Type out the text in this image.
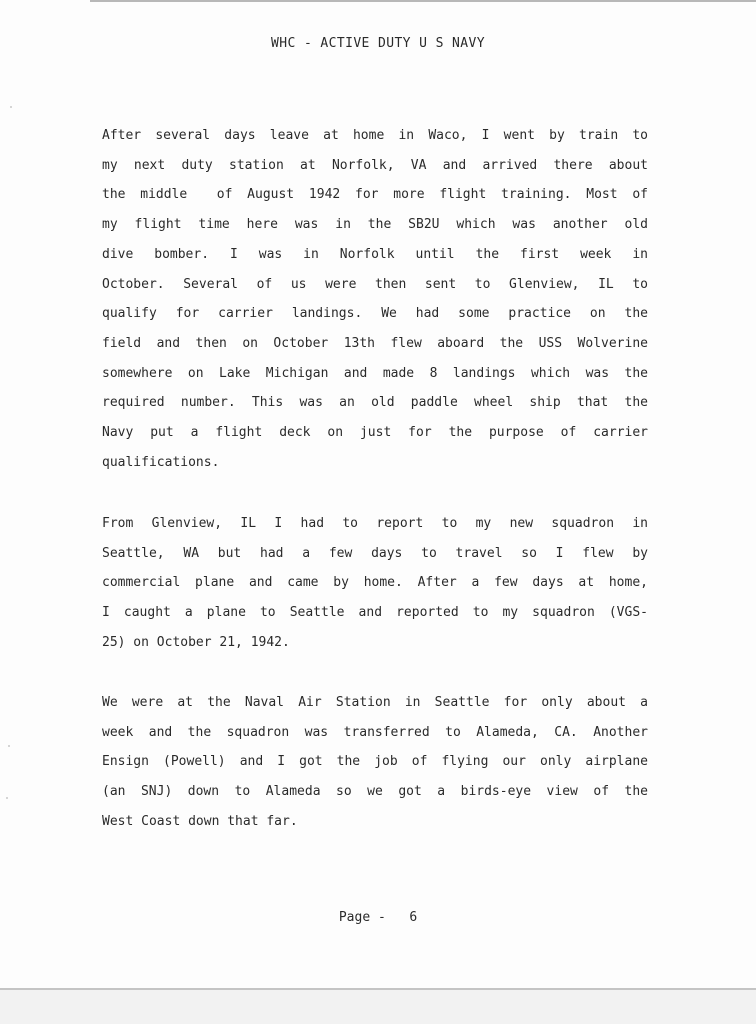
WHC - ACTIVE DUTY U S NAVY

After several days leave at home in Waco, I went by train to
my next duty station at Norfolk, VA and arrived there about
the middle  of August 1942 for more flight training. Most of
my flight time here was in the SB2U which was another old
dive bomber. I was in Norfolk until the first week in
October. Several of us were then sent to Glenview, IL to
qualify for carrier landings. We had some practice on the
field and then on October 13th flew aboard the USS Wolverine
somewhere on Lake Michigan and made 8 landings which was the
required number. This was an old paddle wheel ship that the
Navy put a flight deck on just for the purpose of carrier
qualifications.

From Glenview, IL I had to report to my new squadron in
Seattle, WA but had a few days to travel so I flew by
commercial plane and came by home. After a few days at home,
I caught a plane to Seattle and reported to my squadron (VGS-
25) on October 21, 1942.

We were at the Naval Air Station in Seattle for only about a
week and the squadron was transferred to Alameda, CA. Another
Ensign (Powell) and I got the job of flying our only airplane
(an SNJ) down to Alameda so we got a birds-eye view of the
West Coast down that far.

Page - 6
